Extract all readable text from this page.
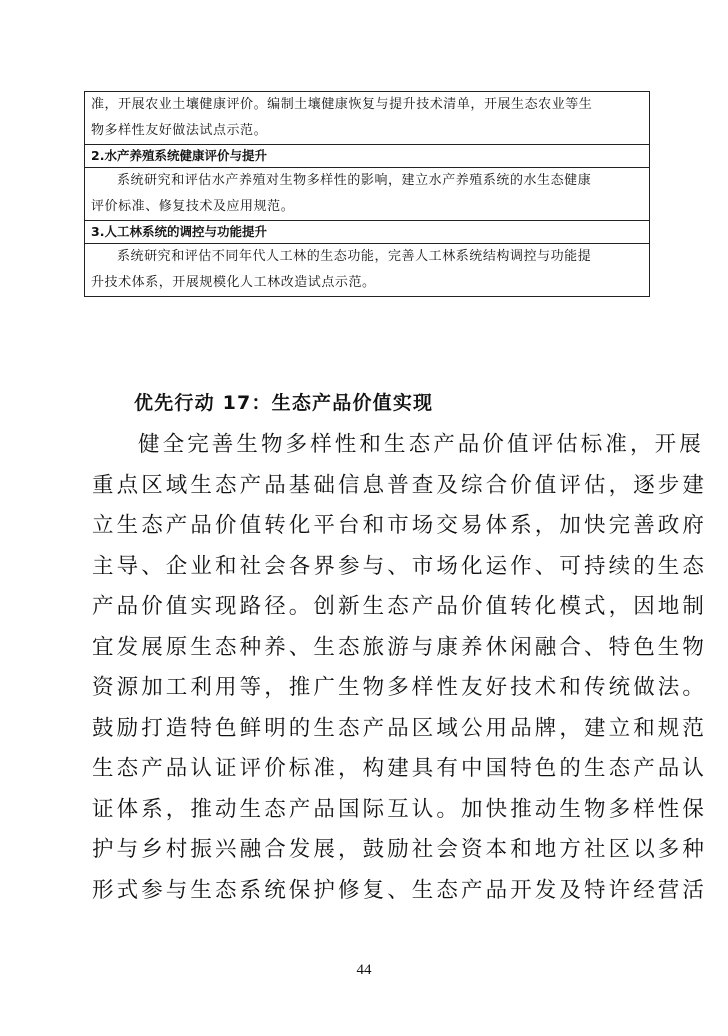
准，开展农业土壤健康评价。编制土壤健康恢复与提升技术清单，开展生态农业等生

物多样性友好做法试点示范。

2.水产养殖系统健康评价与提升

系统研究和评估水产养殖对生物多样性的影响，建立水产养殖系统的水生态健康

评价标准、修复技术及应用规范。

3.人工林系统的调控与功能提升

系统研究和评估不同年代人工林的生态功能，完善人工林系统结构调控与功能提

升技术体系，开展规模化人工林改造试点示范。

优先行动 17：生态产品价值实现
健全完善生物多样性和生态产品价值评估标准，开展
重点区域生态产品基础信息普查及综合价值评估，逐步建
立生态产品价值转化平台和市场交易体系，加快完善政府
主导、企业和社会各界参与、市场化运作、可持续的生态
产品价值实现路径。创新生态产品价值转化模式，因地制
宜发展原生态种养、生态旅游与康养休闲融合、特色生物
资源加工利用等，推广生物多样性友好技术和传统做法。
鼓励打造特色鲜明的生态产品区域公用品牌，建立和规范
生态产品认证评价标准，构建具有中国特色的生态产品认
证体系，推动生态产品国际互认。加快推动生物多样性保
护与乡村振兴融合发展，鼓励社会资本和地方社区以多种
形式参与生态系统保护修复、生态产品开发及特许经营活
44
